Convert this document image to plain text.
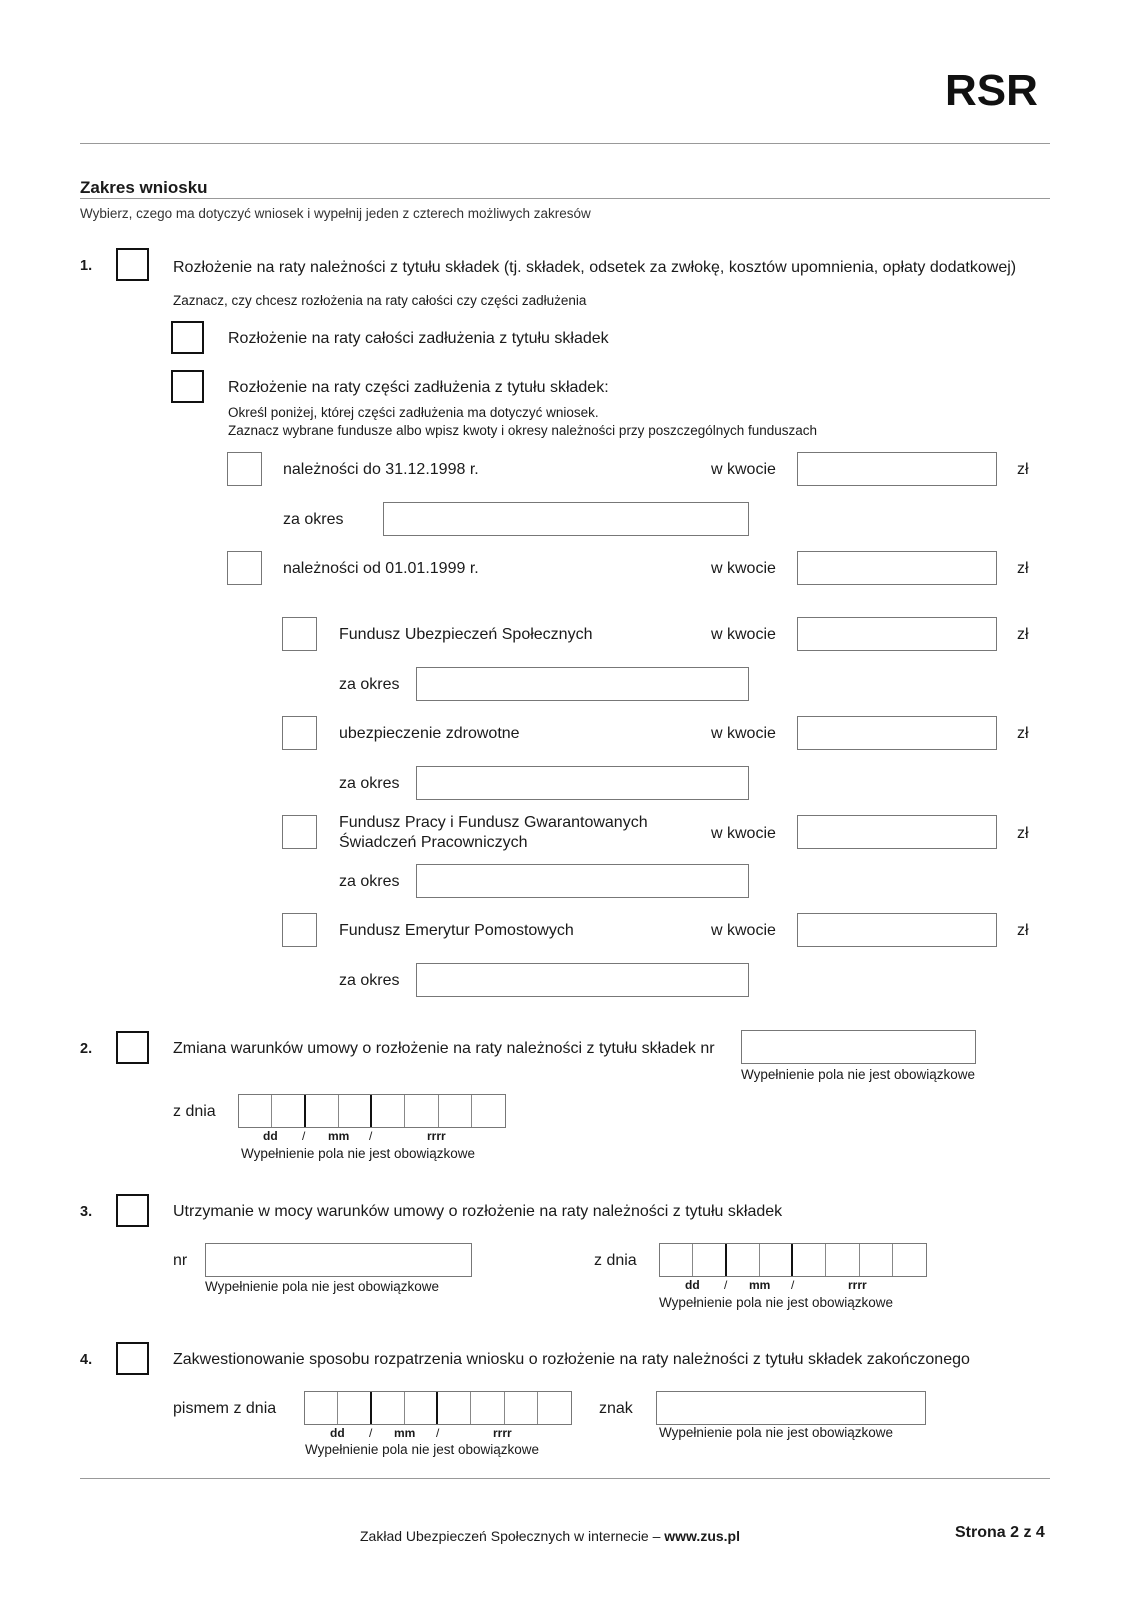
RSR
Zakres wniosku
Wybierz, czego ma dotyczyć wniosek i wypełnij jeden z czterech możliwych zakresów
1.	Rozłożenie na raty należności z tytułu składek (tj. składek, odsetek za zwłokę, kosztów upomnienia, opłaty dodatkowej)
Zaznacz, czy chcesz rozłożenia na raty całości czy części zadłużenia
Rozłożenie na raty całości zadłużenia z tytułu składek
Rozłożenie na raty części zadłużenia z tytułu składek:
Określ poniżej, której części zadłużenia ma dotyczyć wniosek.
Zaznacz wybrane fundusze albo wpisz kwoty i okresy należności przy poszczególnych funduszach
należności do 31.12.1998 r.	w kwocie	zł
za okres
należności od 01.01.1999 r.	w kwocie	zł
Fundusz Ubezpieczeń Społecznych	w kwocie	zł
za okres
ubezpieczenie zdrowotne	w kwocie	zł
za okres
Fundusz Pracy i Fundusz Gwarantowanych
Świadczeń Pracowniczych
w kwocie	zł
za okres
Fundusz Emerytur Pomostowych	w kwocie	zł
za okres
2.	Zmiana warunków umowy o rozłożenie na raty należności z tytułu składek nr
Wypełnienie pola nie jest obowiązkowe
z dnia
dd / mm /	rrrr
Wypełnienie pola nie jest obowiązkowe
3.	Utrzymanie w mocy warunków umowy o rozłożenie na raty należności z tytułu składek
nr
Wypełnienie pola nie jest obowiązkowe
z dnia
dd / mm /	rrrr
Wypełnienie pola nie jest obowiązkowe
4.	Zakwestionowanie sposobu rozpatrzenia wniosku o rozłożenie na raty należności z tytułu składek zakończonego
pismem z dnia
dd / mm /	rrrr
Wypełnienie pola nie jest obowiązkowe
znak
Wypełnienie pola nie jest obowiązkowe
Zakład Ubezpieczeń Społecznych w internecie – www.zus.pl	Strona 2 z 4
